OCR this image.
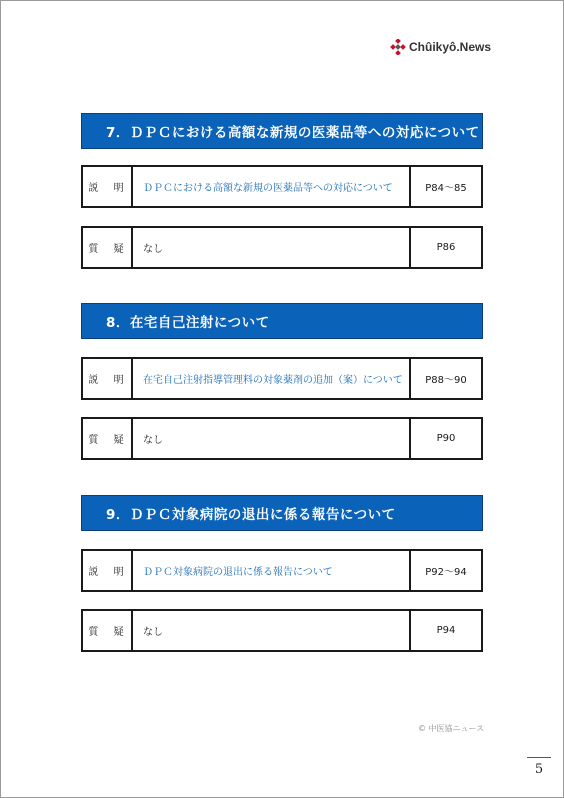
Chûikyô.News
7．ＤＰＣにおける高額な新規の医薬品等への対応について
説 明	ＤＰＣにおける高額な新規の医薬品等への対応について	P84～85
質 疑	なし	P86
8．在宅自己注射について
説 明	在宅自己注射指導管理料の対象薬剤の追加（案）について	P88～90
質 疑	なし	P90
9．ＤＰＣ対象病院の退出に係る報告について
説 明	ＤＰＣ対象病院の退出に係る報告について	P92～94
質 疑	なし	P94
© 中医協ニュース
5
